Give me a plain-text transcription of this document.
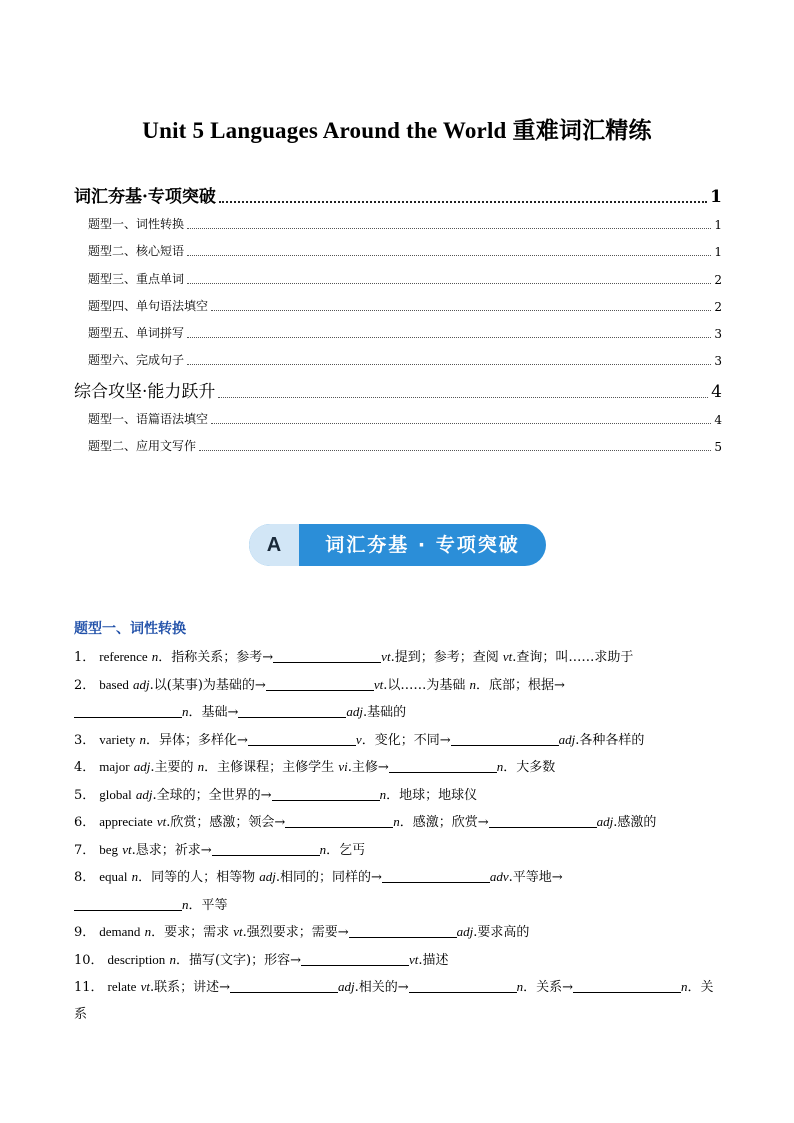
Unit 5 Languages Around the World 重难词汇精练
词汇夯基·专项突破	1
题型一、词性转换	1
题型二、核心短语	1
题型三、重点单词	2
题型四、单句语法填空	2
题型五、单词拼写	3
题型六、完成句子	3
综合攻坚·能力跃升	4
题型一、语篇语法填空	4
题型二、应用文写作	5
A	词汇夯基 · 专项突破
题型一、词性转换
1． reference n．指称关系；参考→	vt.提到；参考；查阅 vt.查询；叫……求助于
2． based adj.以(某事)为基础的→	vt.以……为基础 n．底部；根据→
n．基础→	adj.基础的
3． variety n．异体；多样化→	v．变化；不同→	adj.各种各样的
4． major adj.主要的 n．主修课程；主修学生 vi.主修→	n．大多数
5． global adj.全球的；全世界的→	n．地球；地球仪
6． appreciate vt.欣赏；感激；领会→	n．感激；欣赏→	adj.感激的
7． beg vt.恳求；祈求→	n．乞丐
8． equal n．同等的人；相等物 adj.相同的；同样的→	adv.平等地→
n．平等
9． demand n．要求；需求 vt.强烈要求；需要→	adj.要求高的
10． description n．描写(文字)；形容→	vt.描述
11． relate vt.联系；讲述→	adj.相关的→	n．关系→	n．关
系
